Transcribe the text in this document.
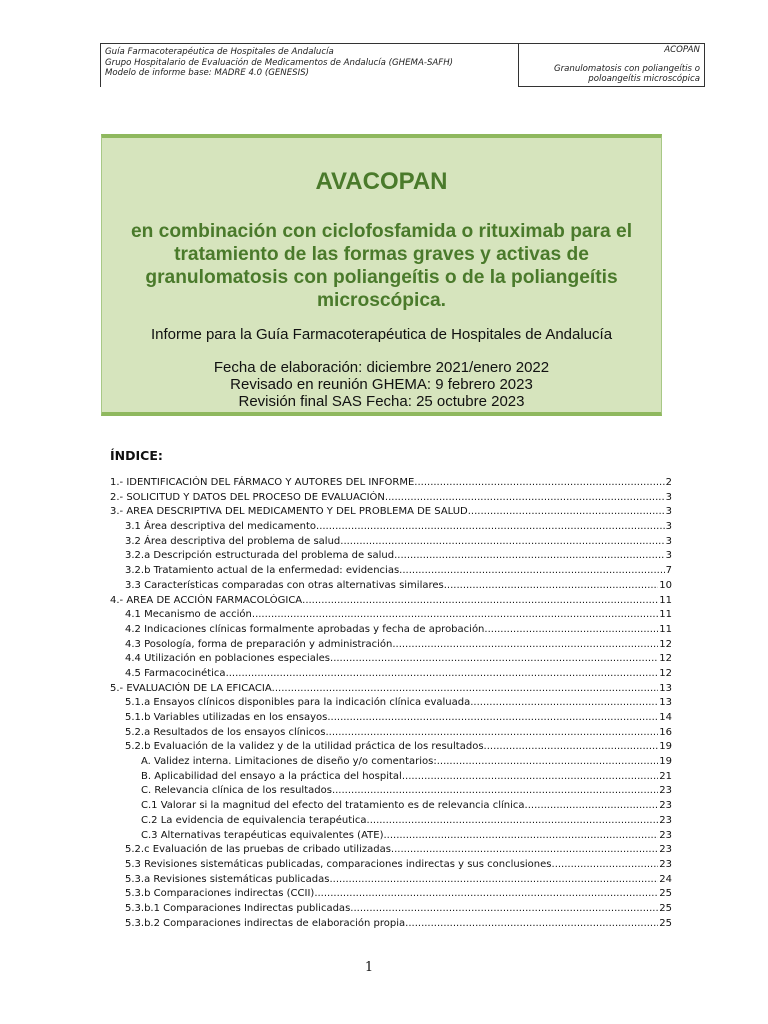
Guía Farmacoterapéutica de Hospitales de Andalucía
Grupo Hospitalario de Evaluación de Medicamentos de Andalucía (GHEMA-SAFH)
Modelo de informe base: MADRE 4.0 (GENESIS)
ACOPAN
Granulomatosis con poliangeítis o
poloangeítis microscópica
AVACOPAN
en combinación con ciclofosfamida o rituximab para el tratamiento de las formas graves y activas de granulomatosis con poliangeítis o de la poliangeítis microscópica.
Informe para la Guía Farmacoterapéutica de Hospitales de Andalucía
Fecha de elaboración: diciembre 2021/enero 2022
Revisado en reunión GHEMA: 9 febrero 2023
Revisión final SAS Fecha: 25 octubre 2023
ÍNDICE:
1.- IDENTIFICACIÓN DEL FÁRMACO Y AUTORES DEL INFORME .....	2
2.- SOLICITUD Y DATOS DEL PROCESO DE EVALUACIÓN .....	3
3.- AREA DESCRIPTIVA DEL MEDICAMENTO Y DEL PROBLEMA DE SALUD .....	3
3.1 Área descriptiva del medicamento .....	3
3.2 Área descriptiva del problema de salud .....	3
3.2.a Descripción estructurada del problema de salud .....	3
3.2.b Tratamiento actual de la enfermedad: evidencias .....	7
3.3 Características comparadas con otras alternativas similares .....	10
4.- AREA DE ACCIÓN FARMACOLÓGICA .....	11
4.1 Mecanismo de acción .....	11
4.2 Indicaciones clínicas formalmente aprobadas y fecha de aprobación .....	11
4.3 Posología, forma de preparación y administración .....	12
4.4 Utilización en poblaciones especiales .....	12
4.5 Farmacocinética .....	12
5.- EVALUACIÓN DE LA EFICACIA .....	13
5.1.a Ensayos clínicos disponibles para la indicación clínica evaluada .....	13
5.1.b Variables utilizadas en los ensayos .....	14
5.2.a Resultados de los ensayos clínicos .....	16
5.2.b Evaluación de la validez y de la utilidad práctica de los resultados .....	19
A. Validez interna. Limitaciones de diseño y/o comentarios: .....	19
B. Aplicabilidad del ensayo a la práctica del hospital .....	21
C. Relevancia clínica de los resultados .....	23
C.1 Valorar si la magnitud del efecto del tratamiento es de relevancia clínica .....	23
C.2 La evidencia de equivalencia terapéutica .....	23
C.3 Alternativas terapéuticas equivalentes (ATE) .....	23
5.2.c Evaluación de las pruebas de cribado utilizadas .....	23
5.3 Revisiones sistemáticas publicadas, comparaciones indirectas y sus conclusiones .....	23
5.3.a Revisiones sistemáticas publicadas .....	24
5.3.b Comparaciones indirectas (CCII) .....	25
5.3.b.1 Comparaciones Indirectas publicadas .....	25
5.3.b.2 Comparaciones indirectas de elaboración propia .....	25
1
